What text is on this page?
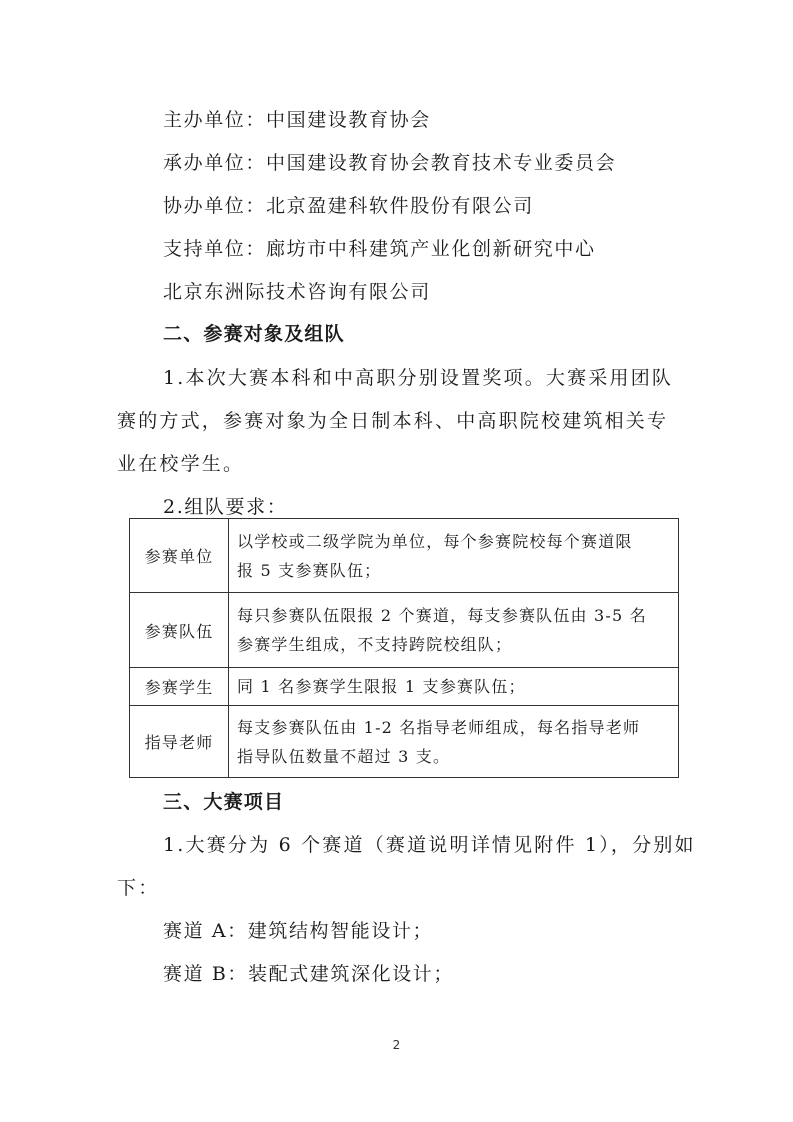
主办单位：中国建设教育协会
承办单位：中国建设教育协会教育技术专业委员会
协办单位：北京盈建科软件股份有限公司
支持单位：廊坊市中科建筑产业化创新研究中心
北京东洲际技术咨询有限公司
二、参赛对象及组队
1.本次大赛本科和中高职分别设置奖项。大赛采用团队
赛的方式，参赛对象为全日制本科、中高职院校建筑相关专
业在校学生。
2.组队要求：
参赛单位	以学校或二级学院为单位，每个参赛院校每个赛道限
报 5 支参赛队伍；

参赛队伍	每只参赛队伍限报 2 个赛道，每支参赛队伍由 3-5 名
参赛学生组成，不支持跨院校组队；

参赛学生	同 1 名参赛学生限报 1 支参赛队伍；

指导老师	每支参赛队伍由 1-2 名指导老师组成，每名指导老师
指导队伍数量不超过 3 支。
三、大赛项目
1.大赛分为 6 个赛道（赛道说明详情见附件 1），分别如
下：
赛道 A：建筑结构智能设计；
赛道 B：装配式建筑深化设计；
2
